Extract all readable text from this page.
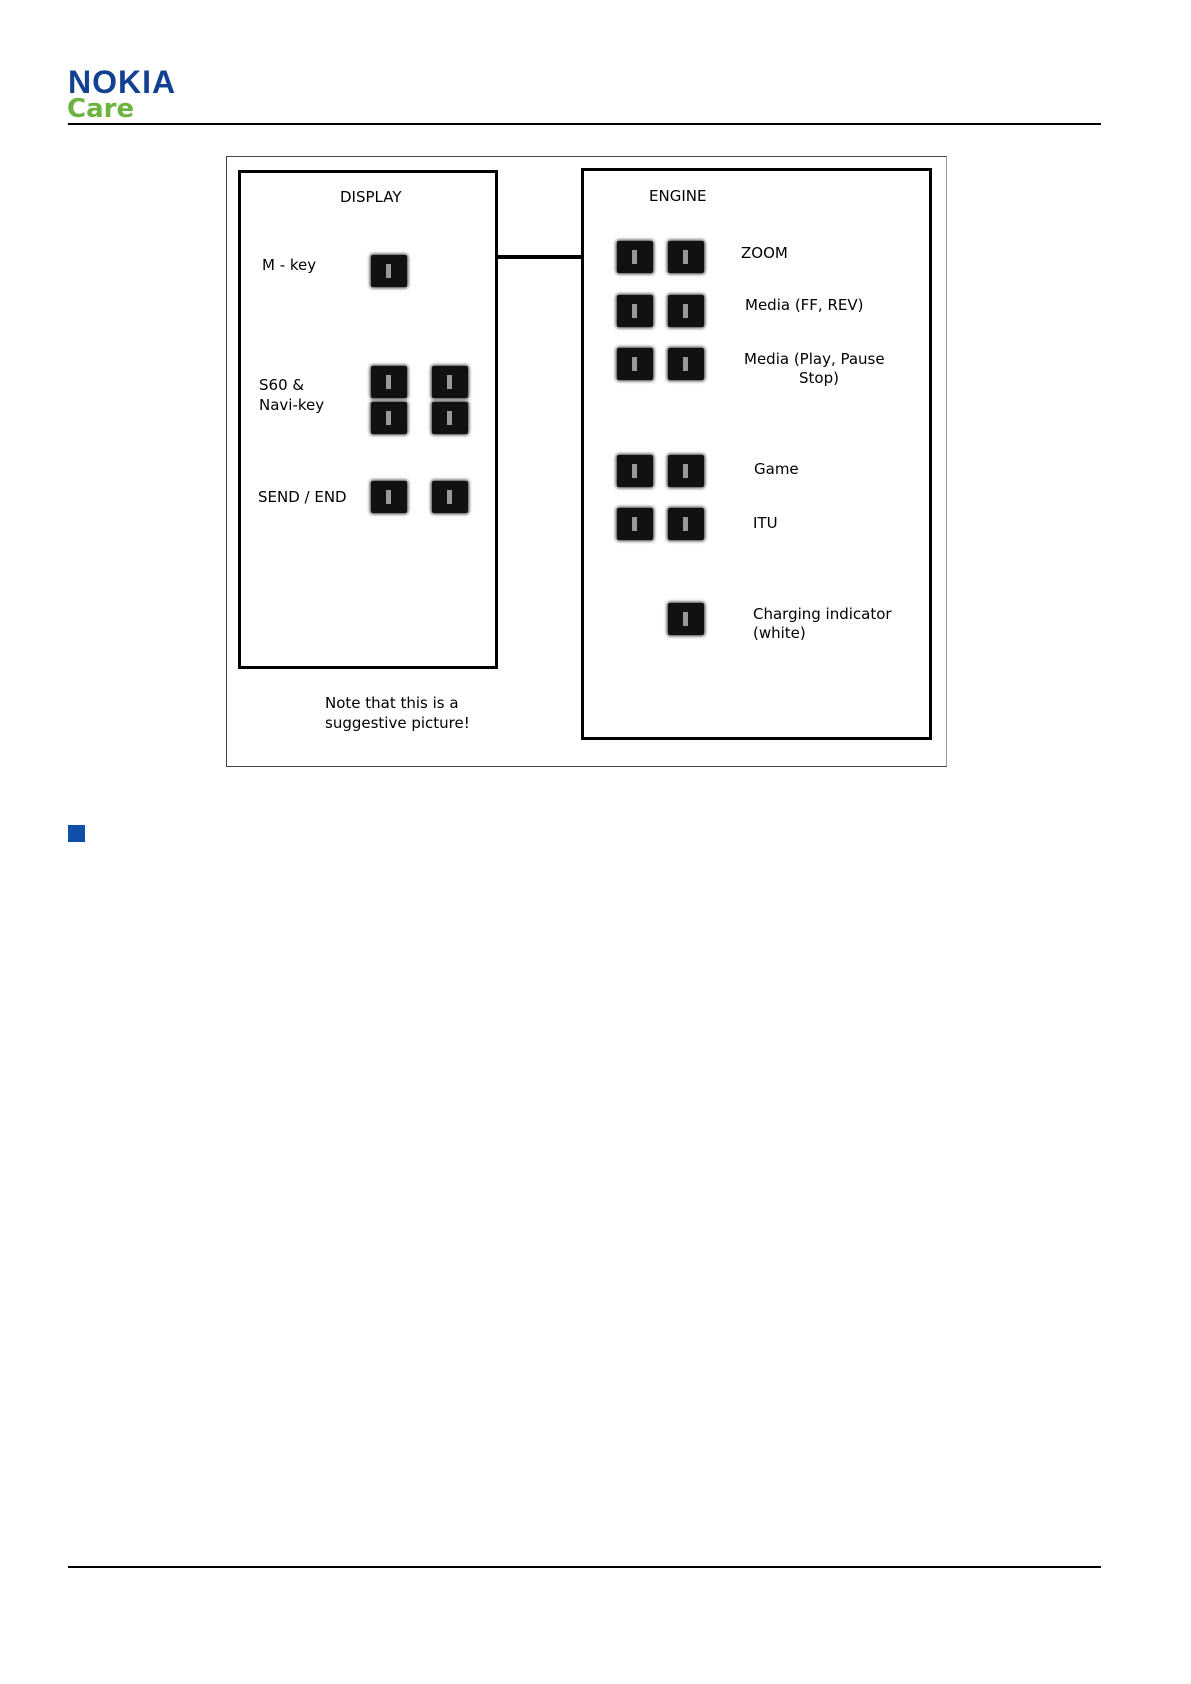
NOKIA
Care
DISPLAY
M - key
S60 &
Navi-key
SEND / END
Note that this is a
suggestive picture!
ENGINE
ZOOM
Media (FF, REV)
Media (Play, Pause
Stop)
Game
ITU
Charging indicator
(white)
